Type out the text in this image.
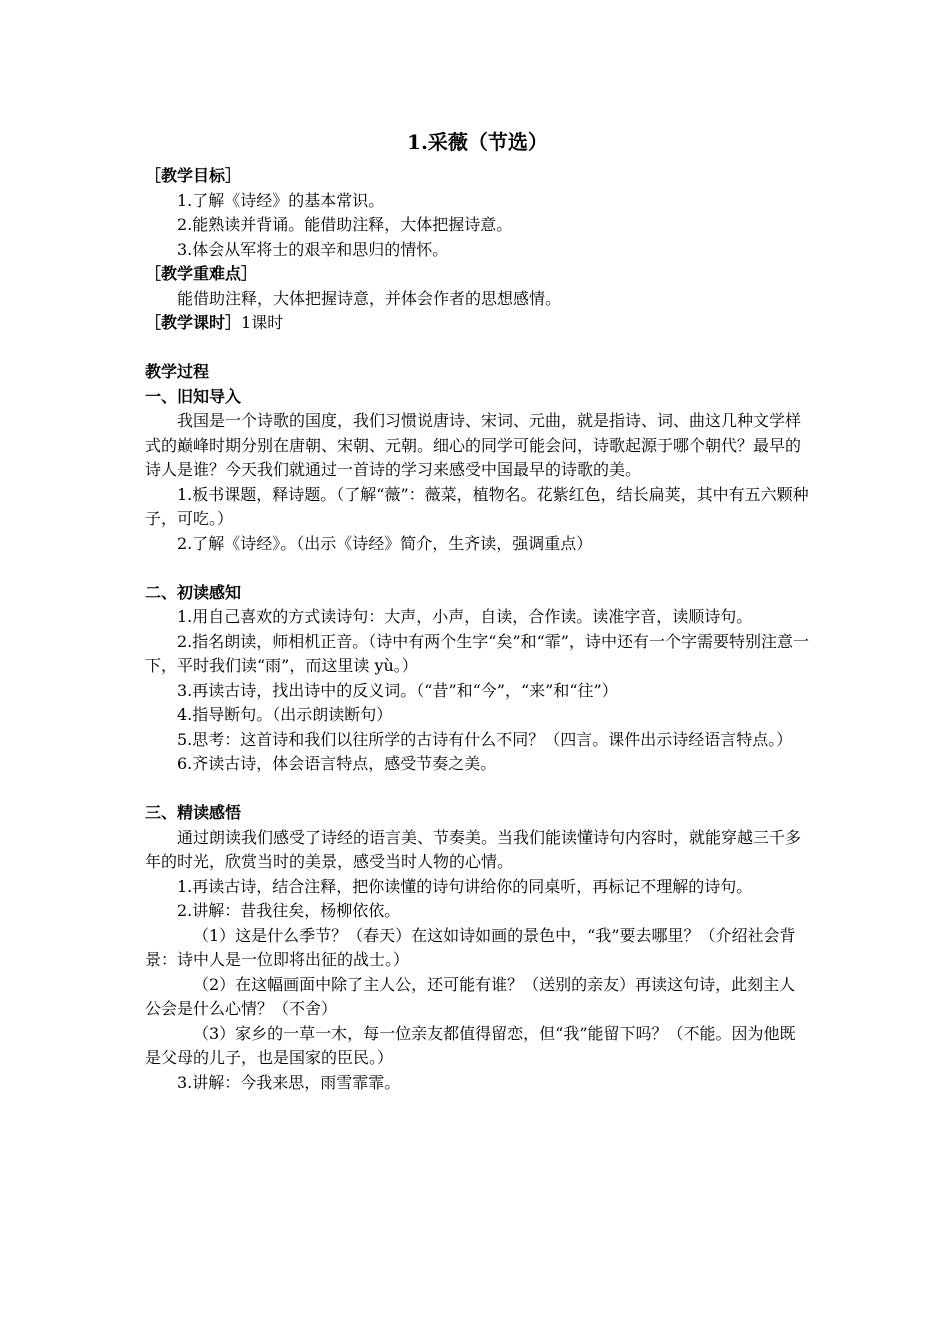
1.采薇（节选）

［教学目标］

1.了解《诗经》的基本常识。

2.能熟读并背诵。能借助注释，大体把握诗意。

3.体会从军将士的艰辛和思归的情怀。

［教学重难点］

能借助注释，大体把握诗意，并体会作者的思想感情。

［教学课时］1课时

教学过程

一、旧知导入

我国是一个诗歌的国度，我们习惯说唐诗、宋词、元曲，就是指诗、词、曲这几种文学样式的巅峰时期分别在唐朝、宋朝、元朝。细心的同学可能会问，诗歌起源于哪个朝代？最早的诗人是谁？今天我们就通过一首诗的学习来感受中国最早的诗歌的美。

1.板书课题，释诗题。（了解“薇”：薇菜，植物名。花紫红色，结长扁荚，其中有五六颗种子，可吃。）

2.了解《诗经》。（出示《诗经》简介，生齐读，强调重点）

二、初读感知

1.用自己喜欢的方式读诗句：大声，小声，自读，合作读。读准字音，读顺诗句。

2.指名朗读，师相机正音。（诗中有两个生字“矣”和“霏”，诗中还有一个字需要特别注意一下，平时我们读“雨”，而这里读 yù。）

3.再读古诗，找出诗中的反义词。（“昔”和“今”，“来”和“往”）

4.指导断句。（出示朗读断句）

5.思考：这首诗和我们以往所学的古诗有什么不同？（四言。课件出示诗经语言特点。）

6.齐读古诗，体会语言特点，感受节奏之美。

三、精读感悟

通过朗读我们感受了诗经的语言美、节奏美。当我们能读懂诗句内容时，就能穿越三千多年的时光，欣赏当时的美景，感受当时人物的心情。

1.再读古诗，结合注释，把你读懂的诗句讲给你的同桌听，再标记不理解的诗句。

2.讲解：昔我往矣，杨柳依依。

（1）这是什么季节？（春天）在这如诗如画的景色中，“我”要去哪里？（介绍社会背景：诗中人是一位即将出征的战士。）

（2）在这幅画面中除了主人公，还可能有谁？（送别的亲友）再读这句诗，此刻主人公会是什么心情？（不舍）

（3）家乡的一草一木，每一位亲友都值得留恋，但“我”能留下吗？（不能。因为他既是父母的儿子，也是国家的臣民。）

3.讲解：今我来思，雨雪霏霏。
